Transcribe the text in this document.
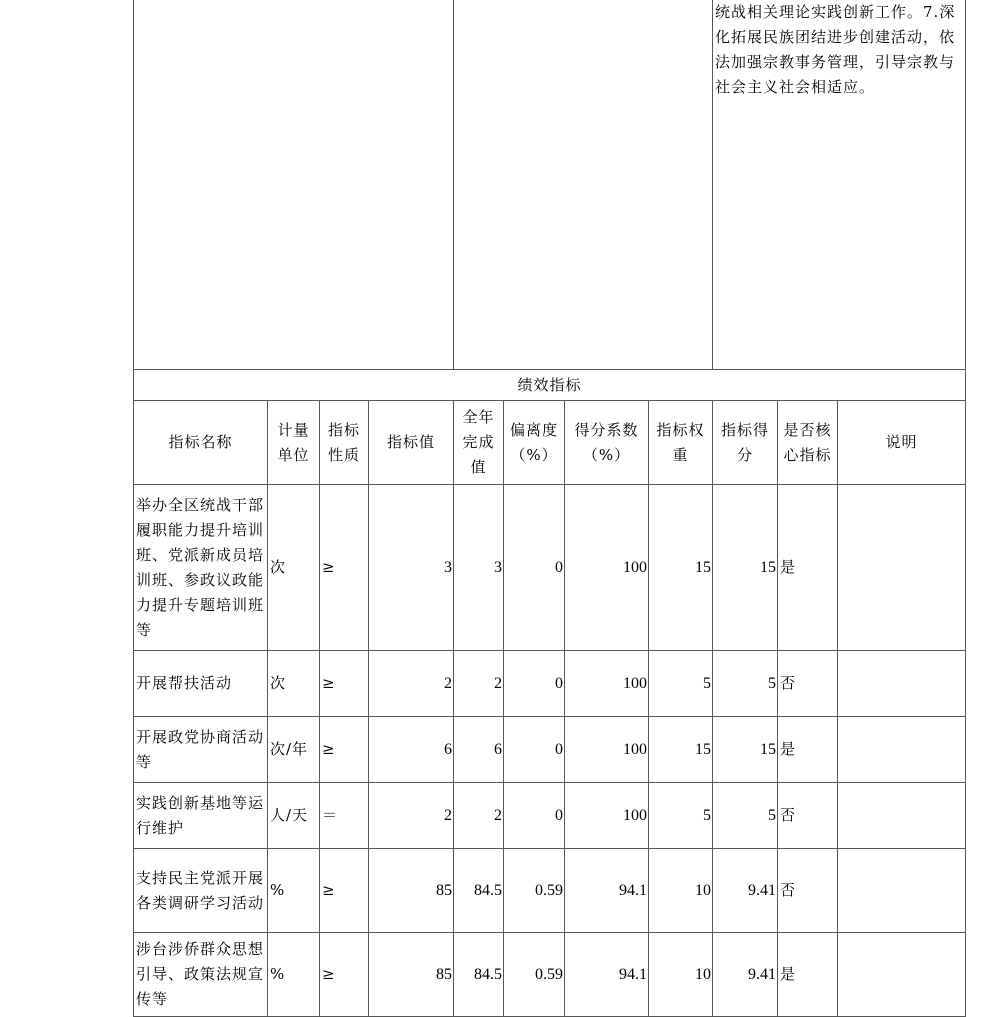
								统战相关理论实践创新工作。7.深化拓展民族团结进步创建活动，依法加强宗教事务管理，引导宗教与社会主义社会相适应。		
绩效指标										
指标名称	计量单位	指标性质	指标值	全年完成值	偏离度（%）	得分系数（%）	指标权重	指标得分	是否核心指标	说明
举办全区统战干部履职能力提升培训班、党派新成员培训班、参政议政能力提升专题培训班等	次	≥	3	3	0	100	15	15	是	
开展帮扶活动	次	≥	2	2	0	100	5	5	否	
开展政党协商活动等	次/年	≥	6	6	0	100	15	15	是	
实践创新基地等运行维护	人/天	＝	2	2	0	100	5	5	否	
支持民主党派开展各类调研学习活动	%	≥	85	84.5	0.59	94.1	10	9.41	否	
涉台涉侨群众思想引导、政策法规宣传等	%	≥	85	84.5	0.59	94.1	10	9.41	是	
